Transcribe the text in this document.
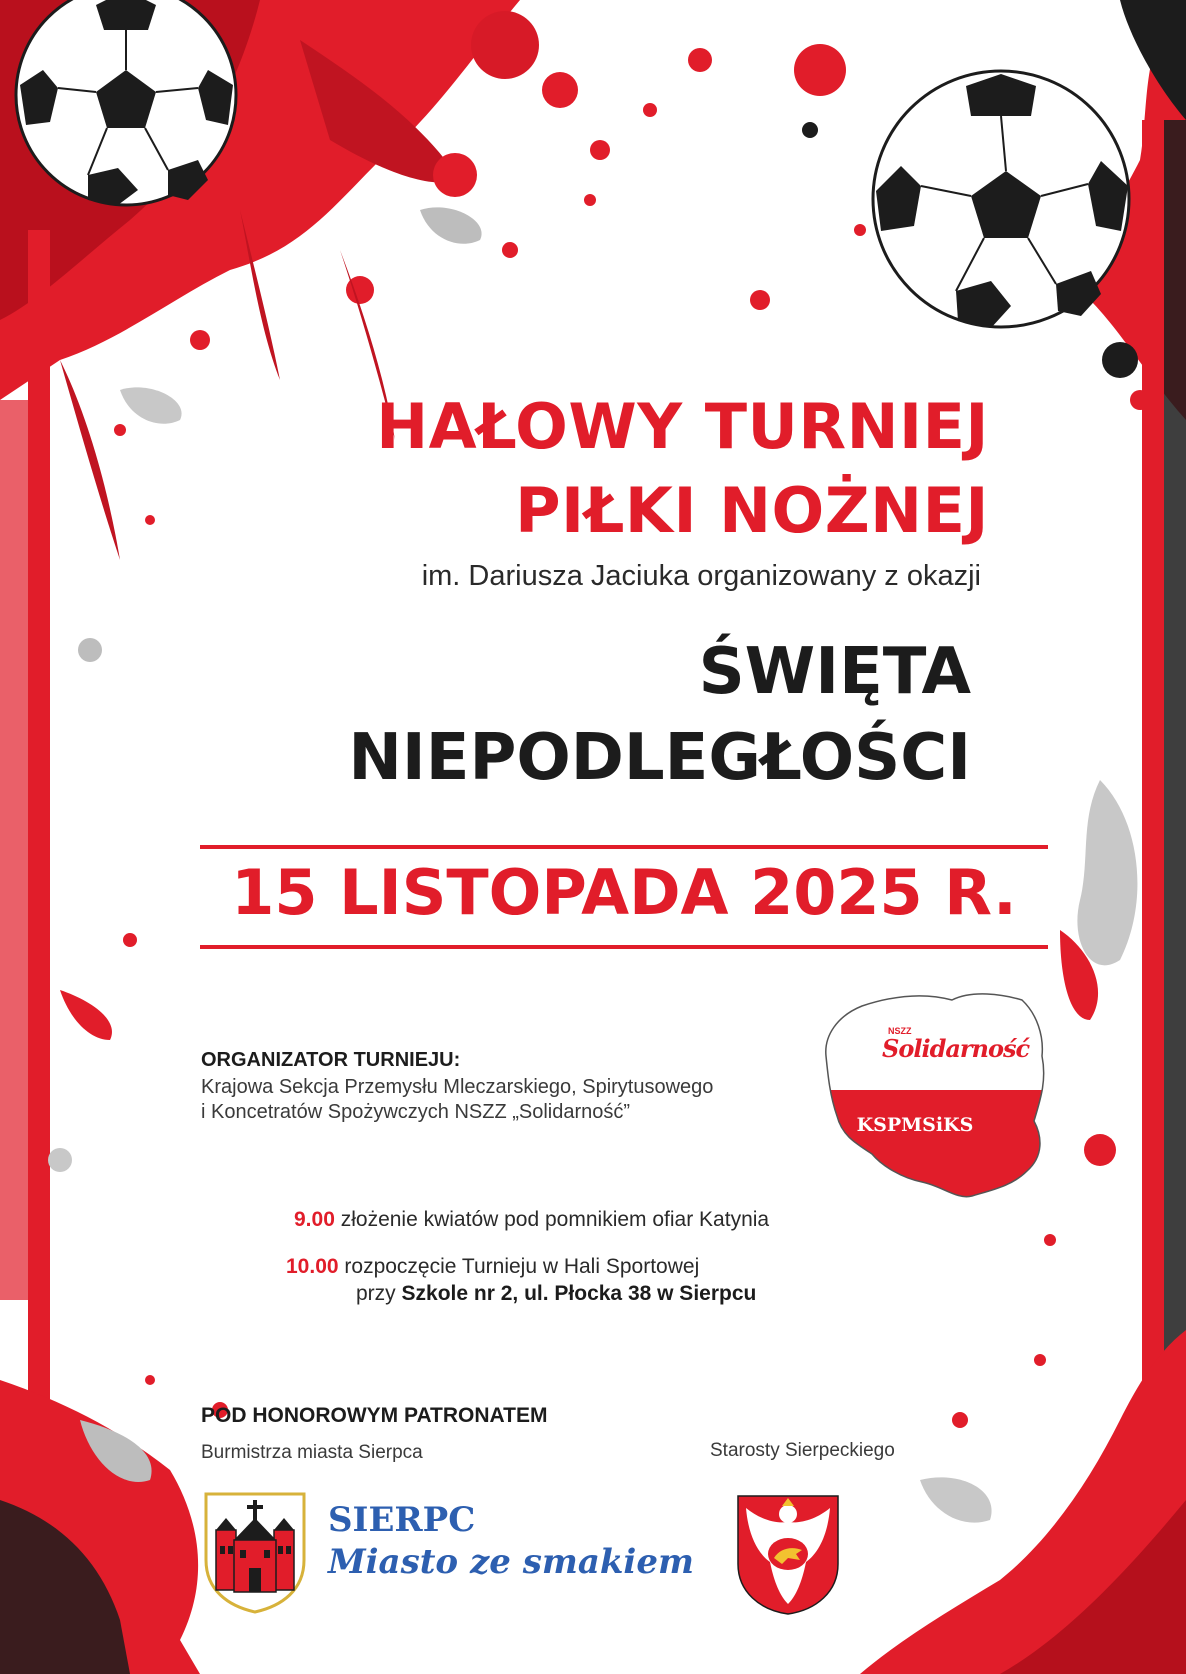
HAŁOWY TURNIEJ
PIŁKI NOŻNEJ
im. Dariusza Jaciuka organizowany z okazji
ŚWIĘTA
NIEPODLEGŁOŚCI
15 LISTOPADA 2025 R.
ORGANIZATOR TURNIEJU:
Krajowa Sekcja Przemysłu Mleczarskiego, Spirytusowego
i Koncetratów Spożywczych NSZZ „Solidarność”
NSZZ
Solidarność
KSPMSiKS
9.00 złożenie kwiatów pod pomnikiem ofiar Katynia
10.00 rozpoczęcie Turnieju w Hali Sportowej
przy Szkole nr 2, ul. Płocka 38 w Sierpcu
POD HONOROWYM PATRONATEM
Burmistrza miasta Sierpca	Starosty Sierpeckiego
SIERPC
Miasto ze smakiem
